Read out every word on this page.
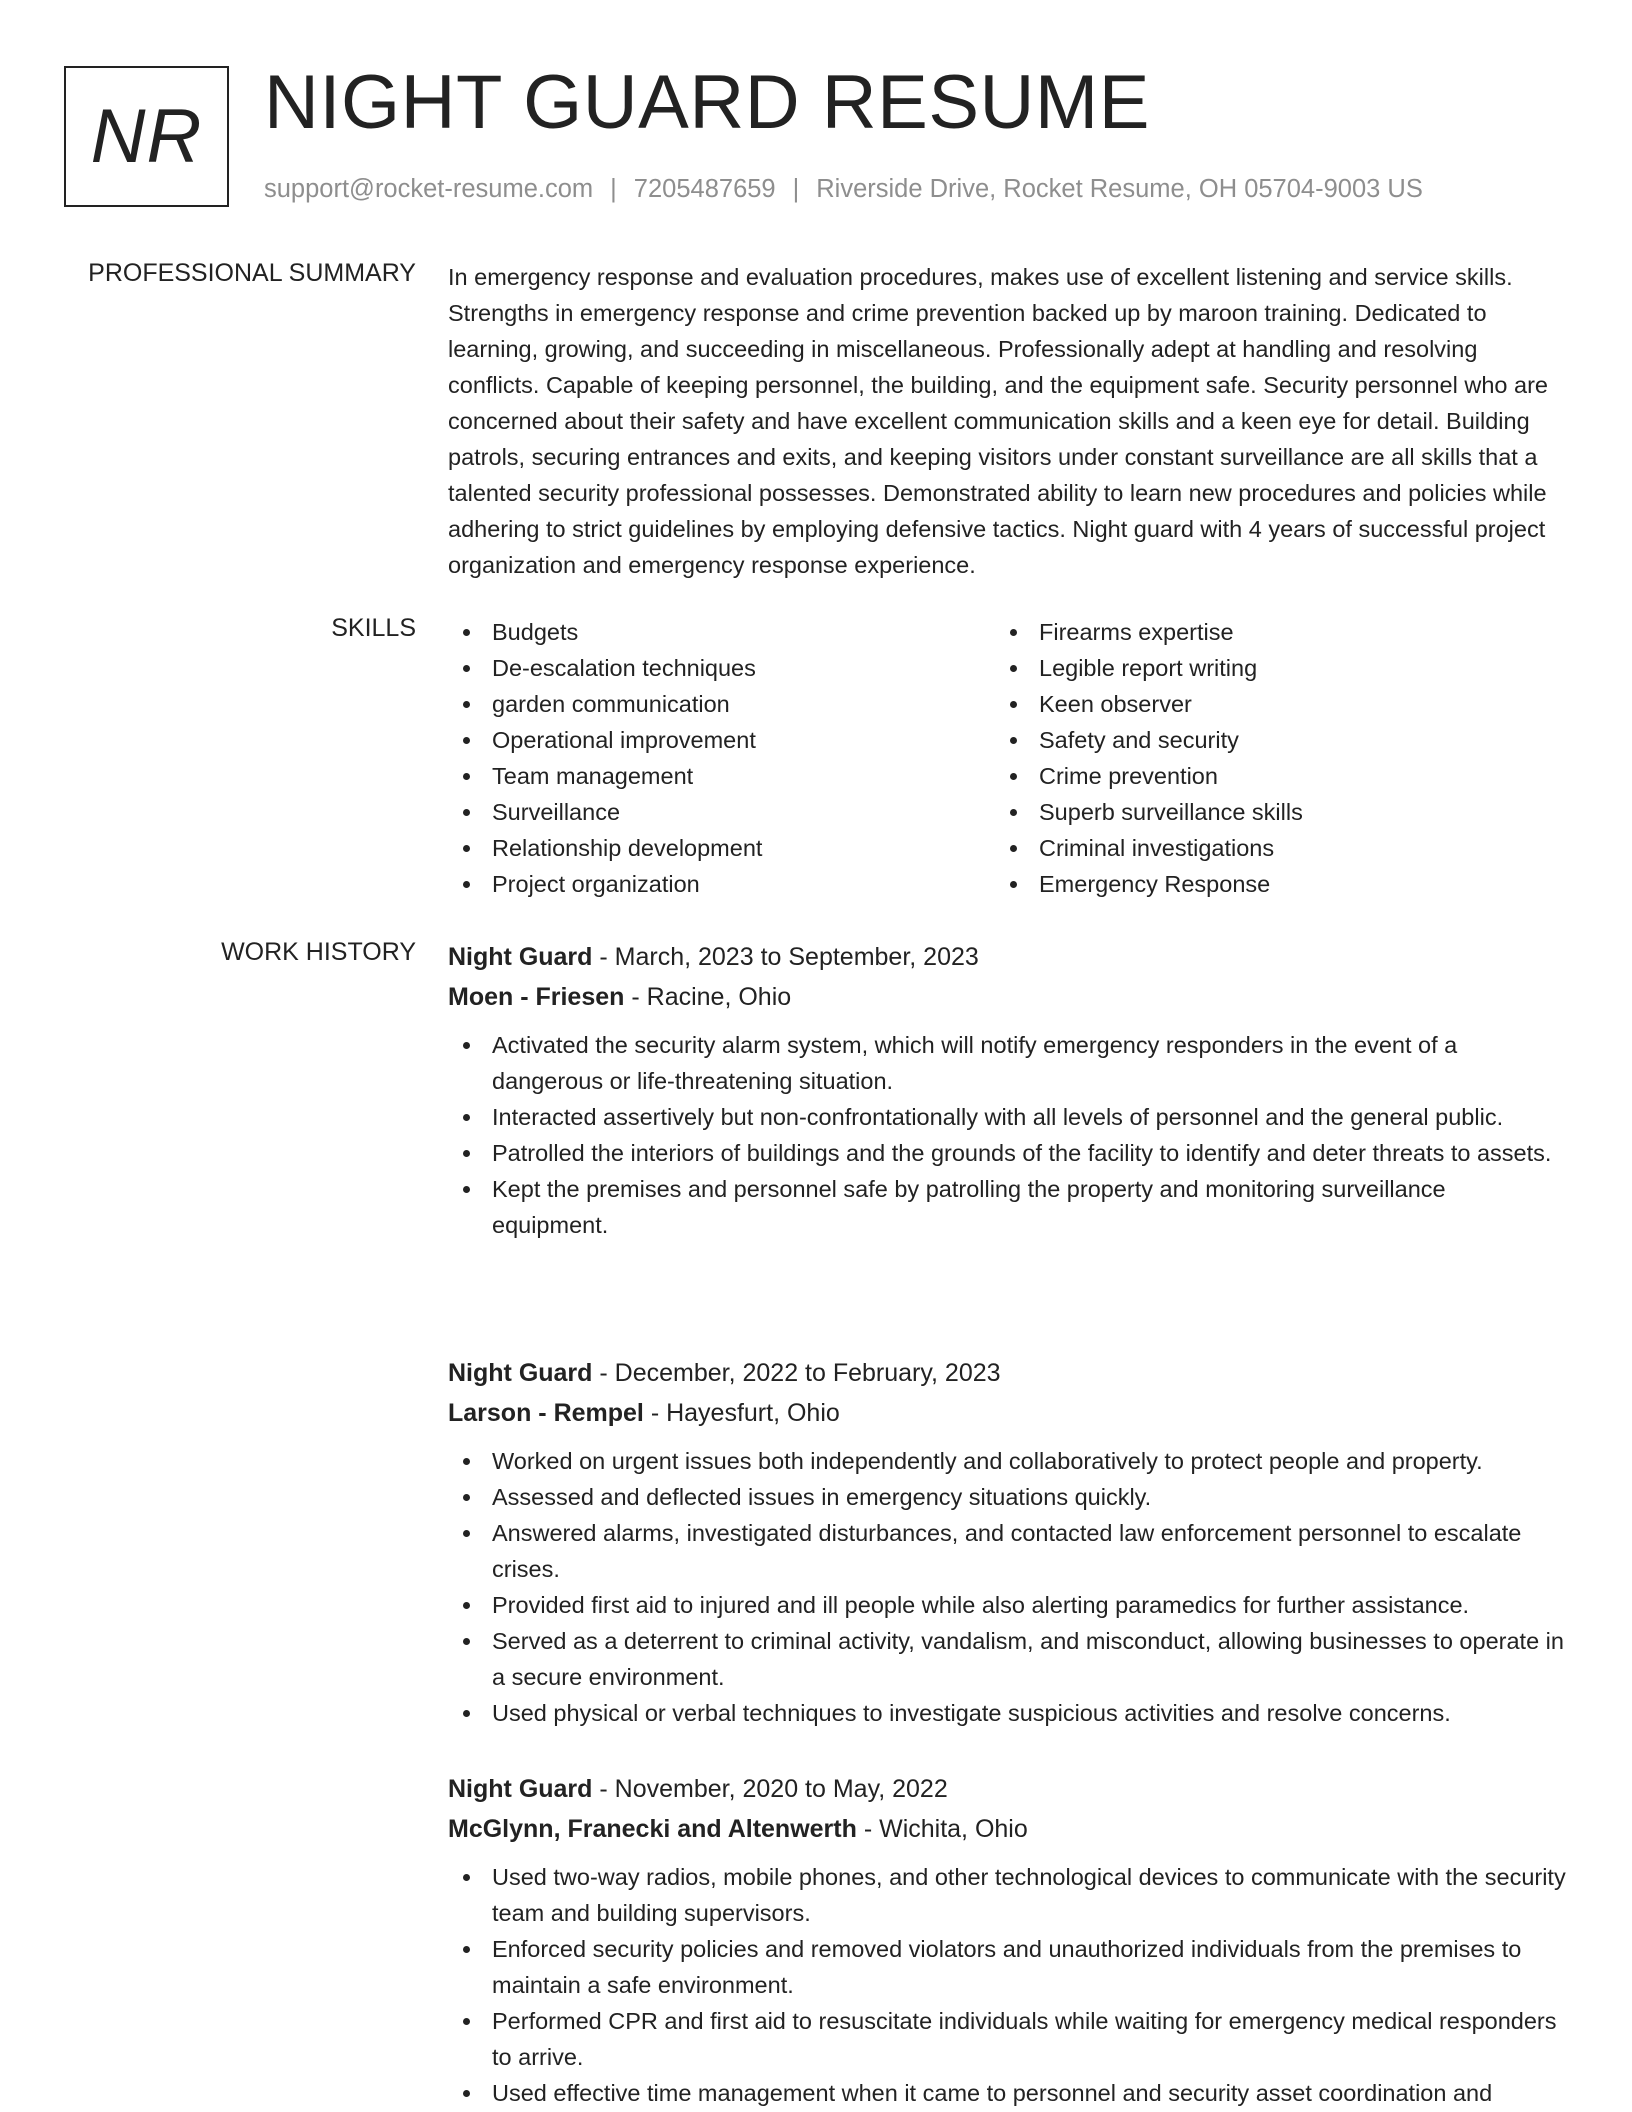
NR NIGHT GUARD RESUME
support@rocket-resume.com | 7205487659 | Riverside Drive, Rocket Resume, OH 05704-9003 US
PROFESSIONAL SUMMARY In emergency response and evaluation procedures, makes use of excellent listening and service skills. Strengths in emergency response and crime prevention backed up by maroon training. Dedicated to learning, growing, and succeeding in miscellaneous. Professionally adept at handling and resolving conflicts. Capable of keeping personnel, the building, and the equipment safe. Security personnel who are concerned about their safety and have excellent communication skills and a keen eye for detail. Building patrols, securing entrances and exits, and keeping visitors under constant surveillance are all skills that a talented security professional possesses. Demonstrated ability to learn new procedures and policies while adhering to strict guidelines by employing defensive tactics. Night guard with 4 years of successful project organization and emergency response experience.

SKILLS	Budgets
De-escalation techniques
garden communication
Operational improvement
Team management
Surveillance
Relationship development
Project organization
Firearms expertise
Legible report writing
Keen observer
Safety and security
Crime prevention
Superb surveillance skills
Criminal investigations
Emergency Response
WORK HISTORY Night Guard - March, 2023 to September, 2023
Moen - Friesen - Racine, Ohio
Activated the security alarm system, which will notify emergency responders in the event of a dangerous or life-threatening situation.
Interacted assertively but non-confrontationally with all levels of personnel and the general public.
Patrolled the interiors of buildings and the grounds of the facility to identify and deter threats to assets.
Kept the premises and personnel safe by patrolling the property and monitoring surveillance equipment.
Night Guard - December, 2022 to February, 2023
Larson - Rempel - Hayesfurt, Ohio
Worked on urgent issues both independently and collaboratively to protect people and property.
Assessed and deflected issues in emergency situations quickly.
Answered alarms, investigated disturbances, and contacted law enforcement personnel to escalate crises.
Provided first aid to injured and ill people while also alerting paramedics for further assistance.
Served as a deterrent to criminal activity, vandalism, and misconduct, allowing businesses to operate in a secure environment.
Used physical or verbal techniques to investigate suspicious activities and resolve concerns.
Night Guard - November, 2020 to May, 2022
McGlynn, Franecki and Altenwerth - Wichita, Ohio
Used two-way radios, mobile phones, and other technological devices to communicate with the security team and building supervisors.
Enforced security policies and removed violators and unauthorized individuals from the premises to maintain a safe environment.
Performed CPR and first aid to resuscitate individuals while waiting for emergency medical responders to arrive.
Used effective time management when it came to personnel and security asset coordination and
